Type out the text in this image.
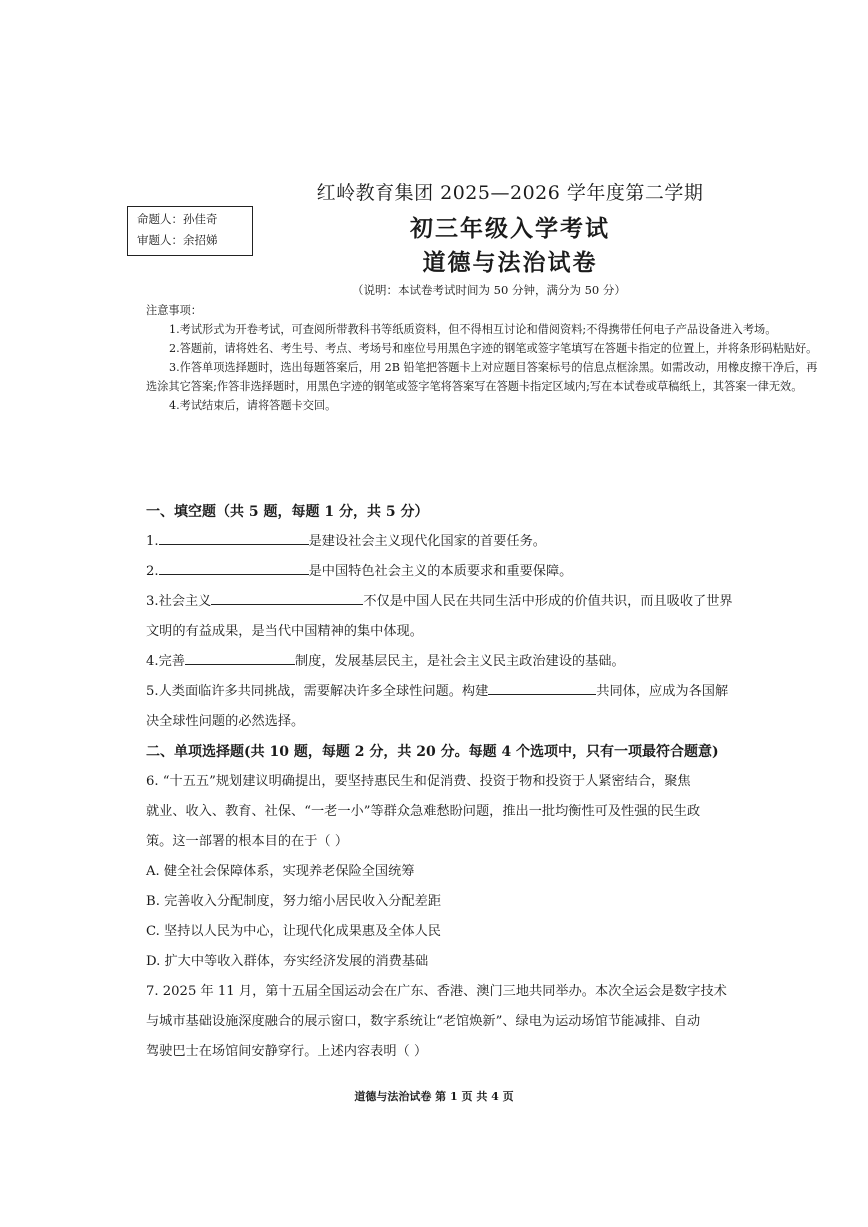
命题人：孙佳奇
审题人：余招娣
红岭教育集团 2025—2026 学年度第二学期
初三年级入学考试
道德与法治试卷
（说明：本试卷考试时间为 50 分钟，满分为 50 分）

注意事项：

1.考试形式为开卷考试，可查阅所带教科书等纸质资料，但不得相互讨论和借阅资料;不得携带任何电子产品设备进入考场。

2.答题前，请将姓名、考生号、考点、考场号和座位号用黑色字迹的钢笔或签字笔填写在答题卡指定的位置上，并将条形码粘贴好。

3.作答单项选择题时，选出每题答案后，用 2B 铅笔把答题卡上对应题目答案标号的信息点框涂黑。如需改动，用橡皮擦干净后，再选涂其它答案;作答非选择题时，用黑色字迹的钢笔或签字笔将答案写在答题卡指定区域内;写在本试卷或草稿纸上，其答案一律无效。

4.考试结束后，请将答题卡交回。

一、填空题（共 5 题，每题 1 分，共 5 分）

1.	是建设社会主义现代化国家的首要任务。

2.	是中国特色社会主义的本质要求和重要保障。

3.社会主义	不仅是中国人民在共同生活中形成的价值共识，而且吸收了世界

文明的有益成果，是当代中国精神的集中体现。

4.完善	制度，发展基层民主，是社会主义民主政治建设的基础。

5.人类面临许多共同挑战，需要解决许多全球性问题。构建	共同体，应成为各国解

决全球性问题的必然选择。

二、单项选择题(共 10 题，每题 2 分，共 20 分。每题 4 个选项中，只有一项最符合题意)

6. “十五五”规划建议明确提出，要坚持惠民生和促消费、投资于物和投资于人紧密结合，聚焦

就业、收入、教育、社保、“一老一小”等群众急难愁盼问题，推出一批均衡性可及性强的民生政

策。这一部署的根本目的在于（ ）

A. 健全社会保障体系，实现养老保险全国统筹

B. 完善收入分配制度，努力缩小居民收入分配差距

C. 坚持以人民为中心，让现代化成果惠及全体人民

D. 扩大中等收入群体，夯实经济发展的消费基础

7. 2025 年 11 月，第十五届全国运动会在广东、香港、澳门三地共同举办。本次全运会是数字技术

与城市基础设施深度融合的展示窗口，数字系统让“老馆焕新”、绿电为运动场馆节能减排、自动

驾驶巴士在场馆间安静穿行。上述内容表明（ ）

道德与法治试卷 第 1 页 共 4 页
